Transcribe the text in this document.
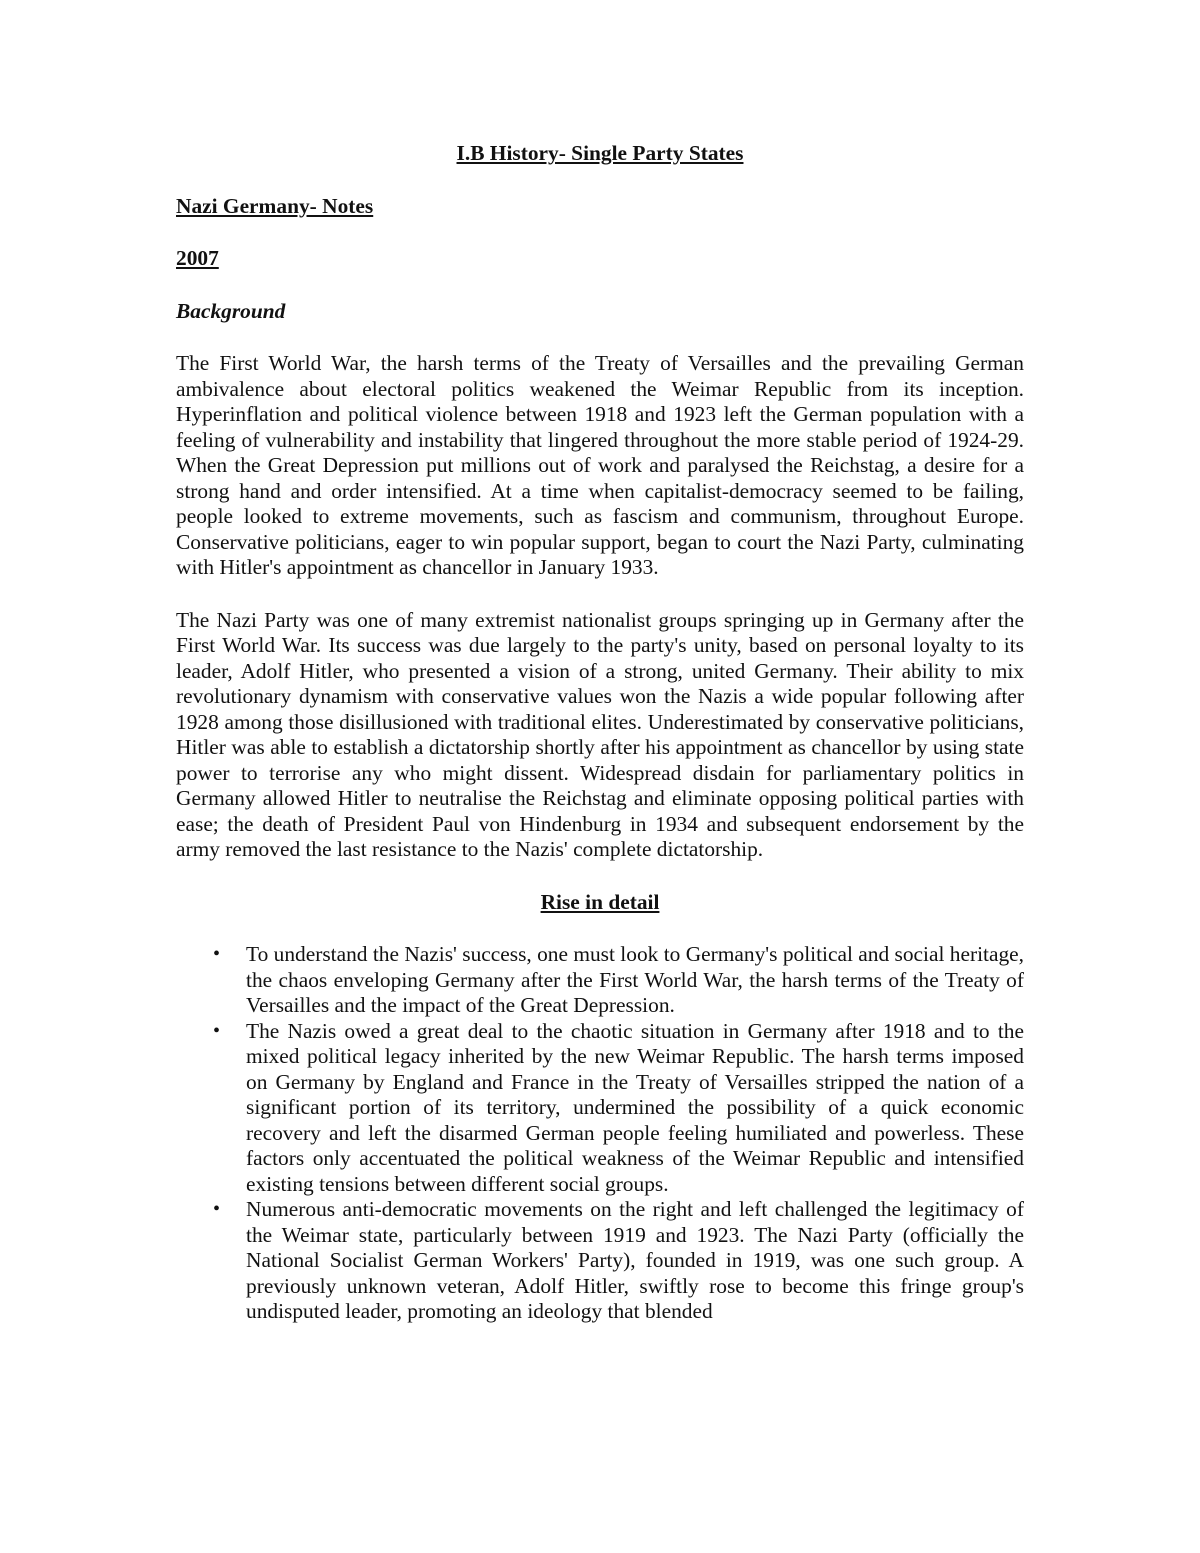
I.B History- Single Party States

Nazi Germany- Notes

2007

Background

The First World War, the harsh terms of the Treaty of Versailles and the prevailing German ambivalence about electoral politics weakened the Weimar Republic from its inception. Hyperinflation and political violence between 1918 and 1923 left the German population with a feeling of vulnerability and instability that lingered throughout the more stable period of 1924-29. When the Great Depression put millions out of work and paralysed the Reichstag, a desire for a strong hand and order intensified. At a time when capitalist-democracy seemed to be failing, people looked to extreme movements, such as fascism and communism, throughout Europe. Conservative politicians, eager to win popular support, began to court the Nazi Party, culminating with Hitler's appointment as chancellor in January 1933.

The Nazi Party was one of many extremist nationalist groups springing up in Germany after the First World War. Its success was due largely to the party's unity, based on personal loyalty to its leader, Adolf Hitler, who presented a vision of a strong, united Germany. Their ability to mix revolutionary dynamism with conservative values won the Nazis a wide popular following after 1928 among those disillusioned with traditional elites. Underestimated by conservative politicians, Hitler was able to establish a dictatorship shortly after his appointment as chancellor by using state power to terrorise any who might dissent. Widespread disdain for parliamentary politics in Germany allowed Hitler to neutralise the Reichstag and eliminate opposing political parties with ease; the death of President Paul von Hindenburg in 1934 and subsequent endorsement by the army removed the last resistance to the Nazis' complete dictatorship.

Rise in detail

• To understand the Nazis' success, one must look to Germany's political and social heritage, the chaos enveloping Germany after the First World War, the harsh terms of the Treaty of Versailles and the impact of the Great Depression.
• The Nazis owed a great deal to the chaotic situation in Germany after 1918 and to the mixed political legacy inherited by the new Weimar Republic. The harsh terms imposed on Germany by England and France in the Treaty of Versailles stripped the nation of a significant portion of its territory, undermined the possibility of a quick economic recovery and left the disarmed German people feeling humiliated and powerless. These factors only accentuated the political weakness of the Weimar Republic and intensified existing tensions between different social groups.
• Numerous anti-democratic movements on the right and left challenged the legitimacy of the Weimar state, particularly between 1919 and 1923. The Nazi Party (officially the National Socialist German Workers' Party), founded in 1919, was one such group. A previously unknown veteran, Adolf Hitler, swiftly rose to become this fringe group's undisputed leader, promoting an ideology that blended
